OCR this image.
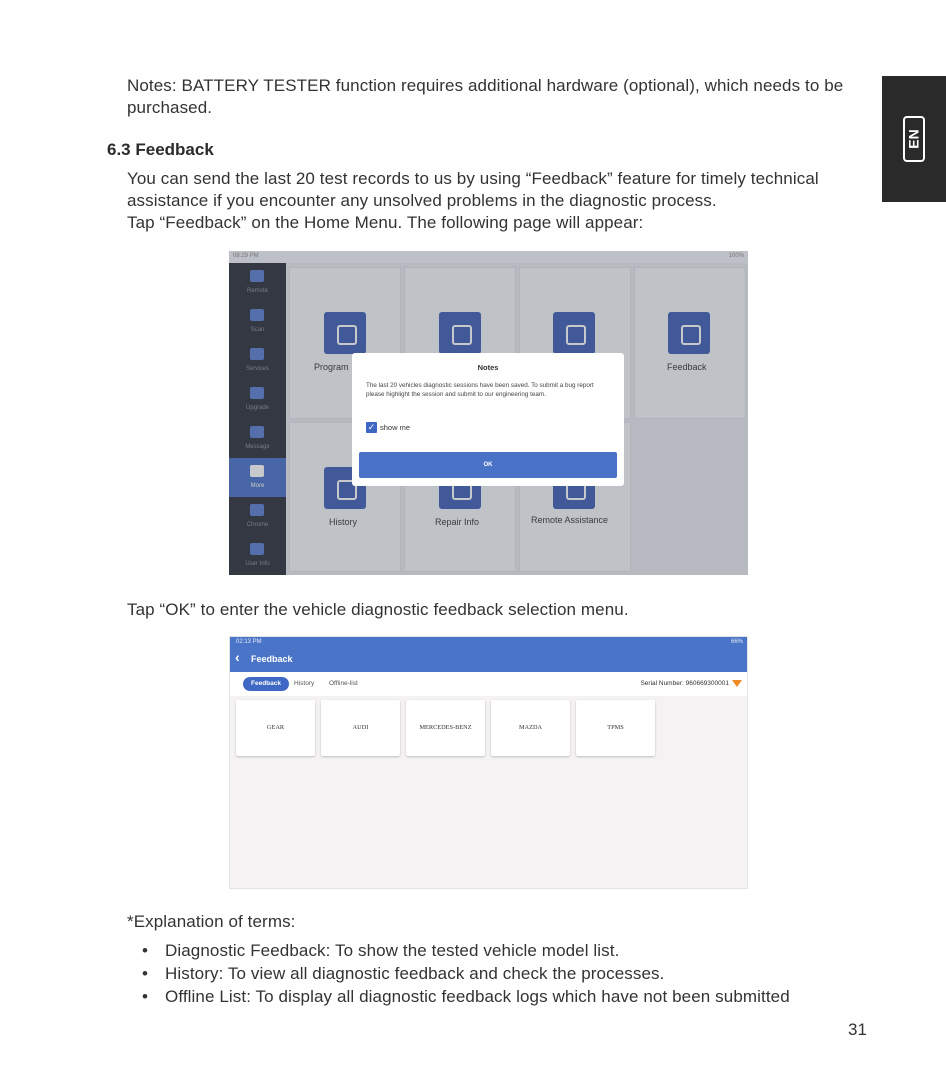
Notes: BATTERY TESTER function requires additional hardware (optional), which needs to be
purchased.
6.3 Feedback
You can send the last 20 test records to us by using “Feedback” feature for timely technical
assistance if you encounter any unsolved problems in the diagnostic process.
Tap “Feedback” on the Home Menu. The following page will appear:
EN
08:29 PM	100%
Remote
Scan
Services
Upgrade
Message
More
Chrome
User Info
Program	Feedback
History	Repair Info	Remote Assistance
Notes
The last 20 vehicles diagnostic sessions have been saved. To submit a bug report please highlight the session and submit to our engineering team.
✓ show me
OK
Tap “OK” to enter the vehicle diagnostic feedback selection menu.
02:13 PM	66%
‹ Feedback
Feedback	History Offline-list	Serial Number: 960669300001
GEAR	AUDI	MERCEDES-BENZ	MAZDA	TPMS
*Explanation of terms:
• Diagnostic Feedback: To show the tested vehicle model list.
• History: To view all diagnostic feedback and check the processes.
• Offline List: To display all diagnostic feedback logs which have not been submitted
31
